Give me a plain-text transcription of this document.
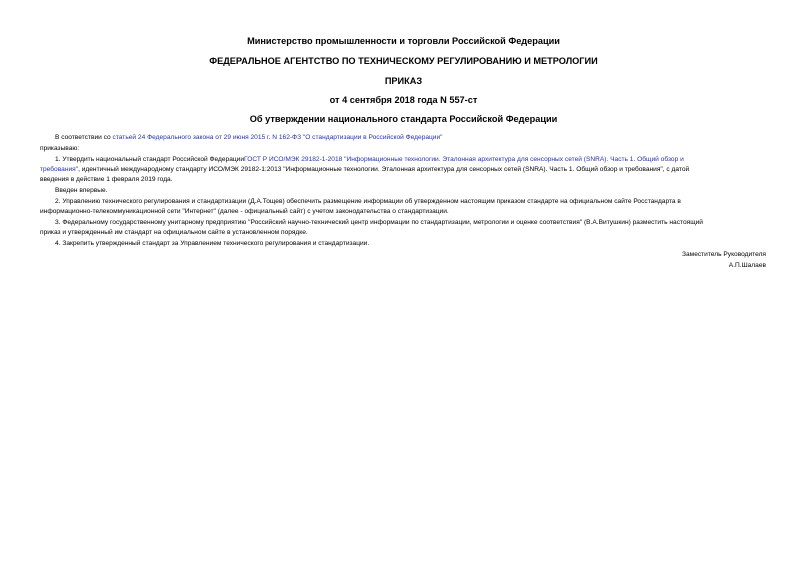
Министерство промышленности и торговли Российской Федерации
ФЕДЕРАЛЬНОЕ АГЕНТСТВО ПО ТЕХНИЧЕСКОМУ РЕГУЛИРОВАНИЮ И МЕТРОЛОГИИ
ПРИКАЗ
от 4 сентября 2018 года N 557-ст
Об утверждении национального стандарта Российской Федерации
В соответствии со статьей 24 Федерального закона от 29 июня 2015 г. N 162-ФЗ "О стандартизации в Российской Федерации"
приказываю:
1. Утвердить национальный стандарт Российской ФедерацииГОСТ Р ИСО/МЭК 29182-1-2018 "Информационные технологии. Эталонная архитектура для сенсорных сетей (SNRA). Часть 1. Общий обзор и
требования", идентичный международному стандарту ИСО/МЭК 29182-1:2013 "Информационные технологии. Эталонная архитектура для сенсорных сетей (SNRA). Часть 1. Общий обзор и требования", с датой
введения в действие 1 февраля 2019 года.
Введен впервые.
2. Управлению технического регулирования и стандартизации (Д.А.Тощев) обеспечить размещение информации об утвержденном настоящим приказом стандарте на официальном сайте Росстандарта в
информационно-телекоммуникационной сети "Интернет" (далее - официальный сайт) с учетом законодательства о стандартизации.
3. Федеральному государственному унитарному предприятию "Российский научно-технический центр информации по стандартизации, метрологии и оценке соответствия" (В.А.Витушкин) разместить настоящий
приказ и утвержденный им стандарт на официальном сайте в установленном порядке.
4. Закрепить утвержденный стандарт за Управлением технического регулирования и стандартизации.
Заместитель Руководителя
А.П.Шалаев
